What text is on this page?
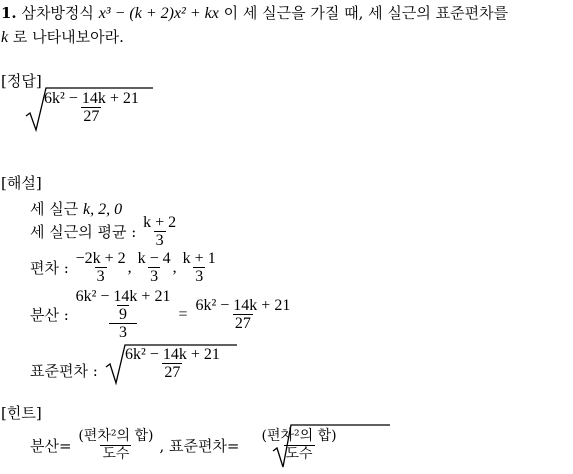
1. 삼차방정식 x³ − (k + 2)x² + kx 이 세 실근을 가질 때, 세 실근의 표준편차를
k 로 나타내보아라.
[정답]
$\frac{\text{6k² − 14k + 21}}{27}$
[해설]
세 실근 k, 2, 0
세 실근의 평균 :
$\frac{k + 2}{3}$
편차 :
$\frac{-2k + 2}{3}$ , $\frac{k - 4}{3}$ , $\frac{k + 1}{3}$
분산 :
$\frac{\frac{\text{6k² − 14k + 21}}{9}}{3} = \frac{\text{6k² − 14k + 21}}{27}$
표준편차 : $\frac{\text{6k² − 14k + 21}}{27}$
[힌트]
분산=
$\frac{\text{(편차²의 합)}}{\text{도수}}$ , 표준편차= $\frac{\text{(편차²의 합)}}{\text{도수}}$
